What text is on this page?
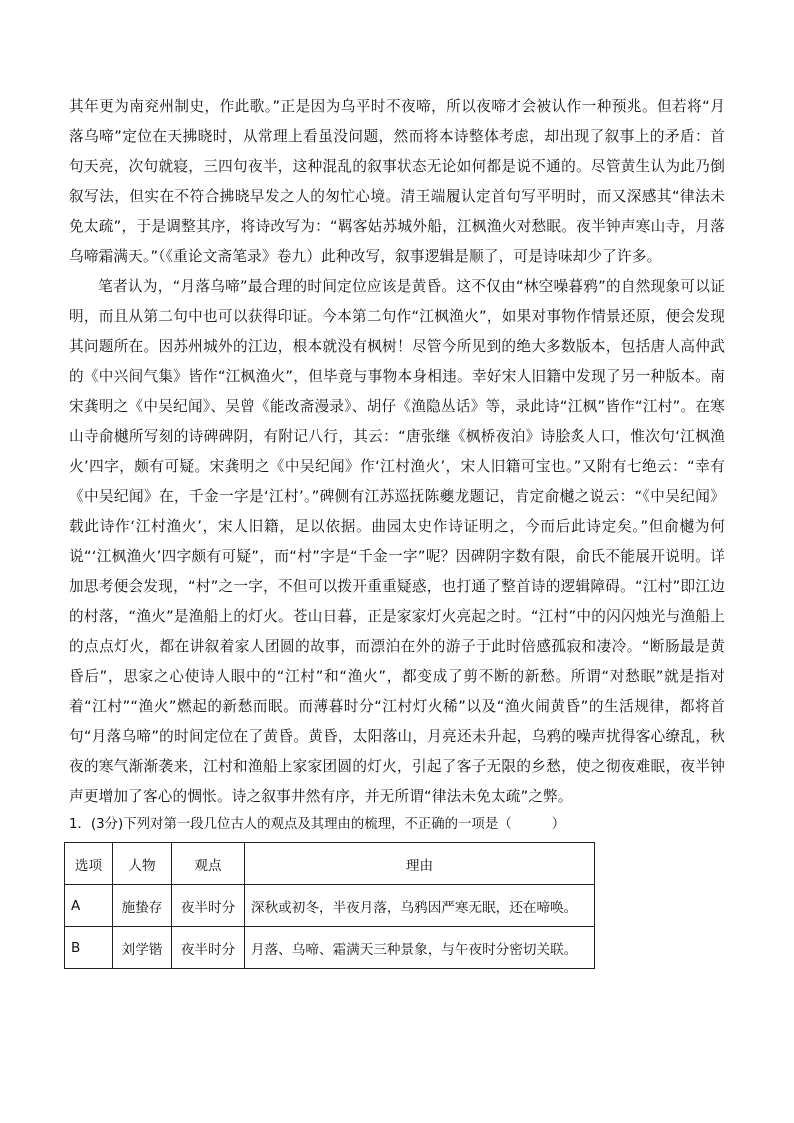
其年更为南兖州制史，作此歌。”正是因为乌平时不夜啼，所以夜啼才会被认作一种预兆。但若将“月落乌啼”定位在天拂晓时，从常理上看虽没问题，然而将本诗整体考虑，却出现了叙事上的矛盾：首句天亮，次句就寝，三四句夜半，这种混乱的叙事状态无论如何都是说不通的。尽管黄生认为此乃倒叙写法，但实在不符合拂晓早发之人的匆忙心境。清王端履认定首句写平明时，而又深感其“律法未免太疏”，于是调整其序，将诗改写为：“羁客姑苏城外船，江枫渔火对愁眠。夜半钟声寒山寺，月落乌啼霜满天。”（《重论文斋笔录》卷九）此种改写，叙事逻辑是顺了，可是诗味却少了许多。

笔者认为，“月落乌啼”最合理的时间定位应该是黄昏。这不仅由“林空噪暮鸦”的自然现象可以证明，而且从第二句中也可以获得印证。今本第二句作“江枫渔火”，如果对事物作情景还原，便会发现其问题所在。因苏州城外的江边，根本就没有枫树！尽管今所见到的绝大多数版本，包括唐人高仲武的《中兴间气集》皆作“江枫渔火”，但毕竟与事物本身相违。幸好宋人旧籍中发现了另一种版本。南宋龚明之《中吴纪闻》、吴曾《能改斋漫录》、胡仔《渔隐丛话》等，录此诗“江枫”皆作“江村”。在寒山寺俞樾所写刻的诗碑碑阴，有附记八行，其云：“唐张继《枫桥夜泊》诗脍炙人口，惟次句‘江枫渔火’四字，颇有可疑。宋龚明之《中吴纪闻》作‘江村渔火’，宋人旧籍可宝也。”又附有七绝云：“幸有《中吴纪闻》在，千金一字是‘江村’。”碑侧有江苏巡抚陈夔龙题记，肯定俞樾之说云：“《中吴纪闻》载此诗作‘江村渔火’，宋人旧籍，足以依据。曲园太史作诗证明之，今而后此诗定矣。”但俞樾为何说“‘江枫渔火’四字颇有可疑”，而“村”字是“千金一字”呢？因碑阴字数有限，俞氏不能展开说明。详加思考便会发现，“村”之一字，不但可以拨开重重疑惑，也打通了整首诗的逻辑障碍。“江村”即江边的村落，“渔火”是渔船上的灯火。苍山日暮，正是家家灯火亮起之时。“江村”中的闪闪烛光与渔船上的点点灯火，都在讲叙着家人团圆的故事，而漂泊在外的游子于此时倍感孤寂和凄冷。“断肠最是黄昏后”，思家之心使诗人眼中的“江村”和“渔火”，都变成了剪不断的新愁。所谓“对愁眠”就是指对着“江村”“渔火”燃起的新愁而眠。而薄暮时分“江村灯火稀”以及“渔火闹黄昏”的生活规律，都将首句“月落乌啼”的时间定位在了黄昏。黄昏，太阳落山，月亮还未升起，乌鸦的噪声扰得客心缭乱，秋夜的寒气渐渐袭来，江村和渔船上家家团圆的灯火，引起了客子无限的乡愁，使之彻夜难眠，夜半钟声更增加了客心的惆怅。诗之叙事井然有序，并无所谓“律法未免太疏”之弊。

1．(3分)下列对第一段几位古人的观点及其理由的梳理，不正确的一项是（　　　）

选项	人物	观点	理由
A	施蛰存	夜半时分	深秋或初冬，半夜月落，乌鸦因严寒无眠，还在啼唤。
B	刘学锴	夜半时分	月落、乌啼、霜满天三种景象，与午夜时分密切关联。
